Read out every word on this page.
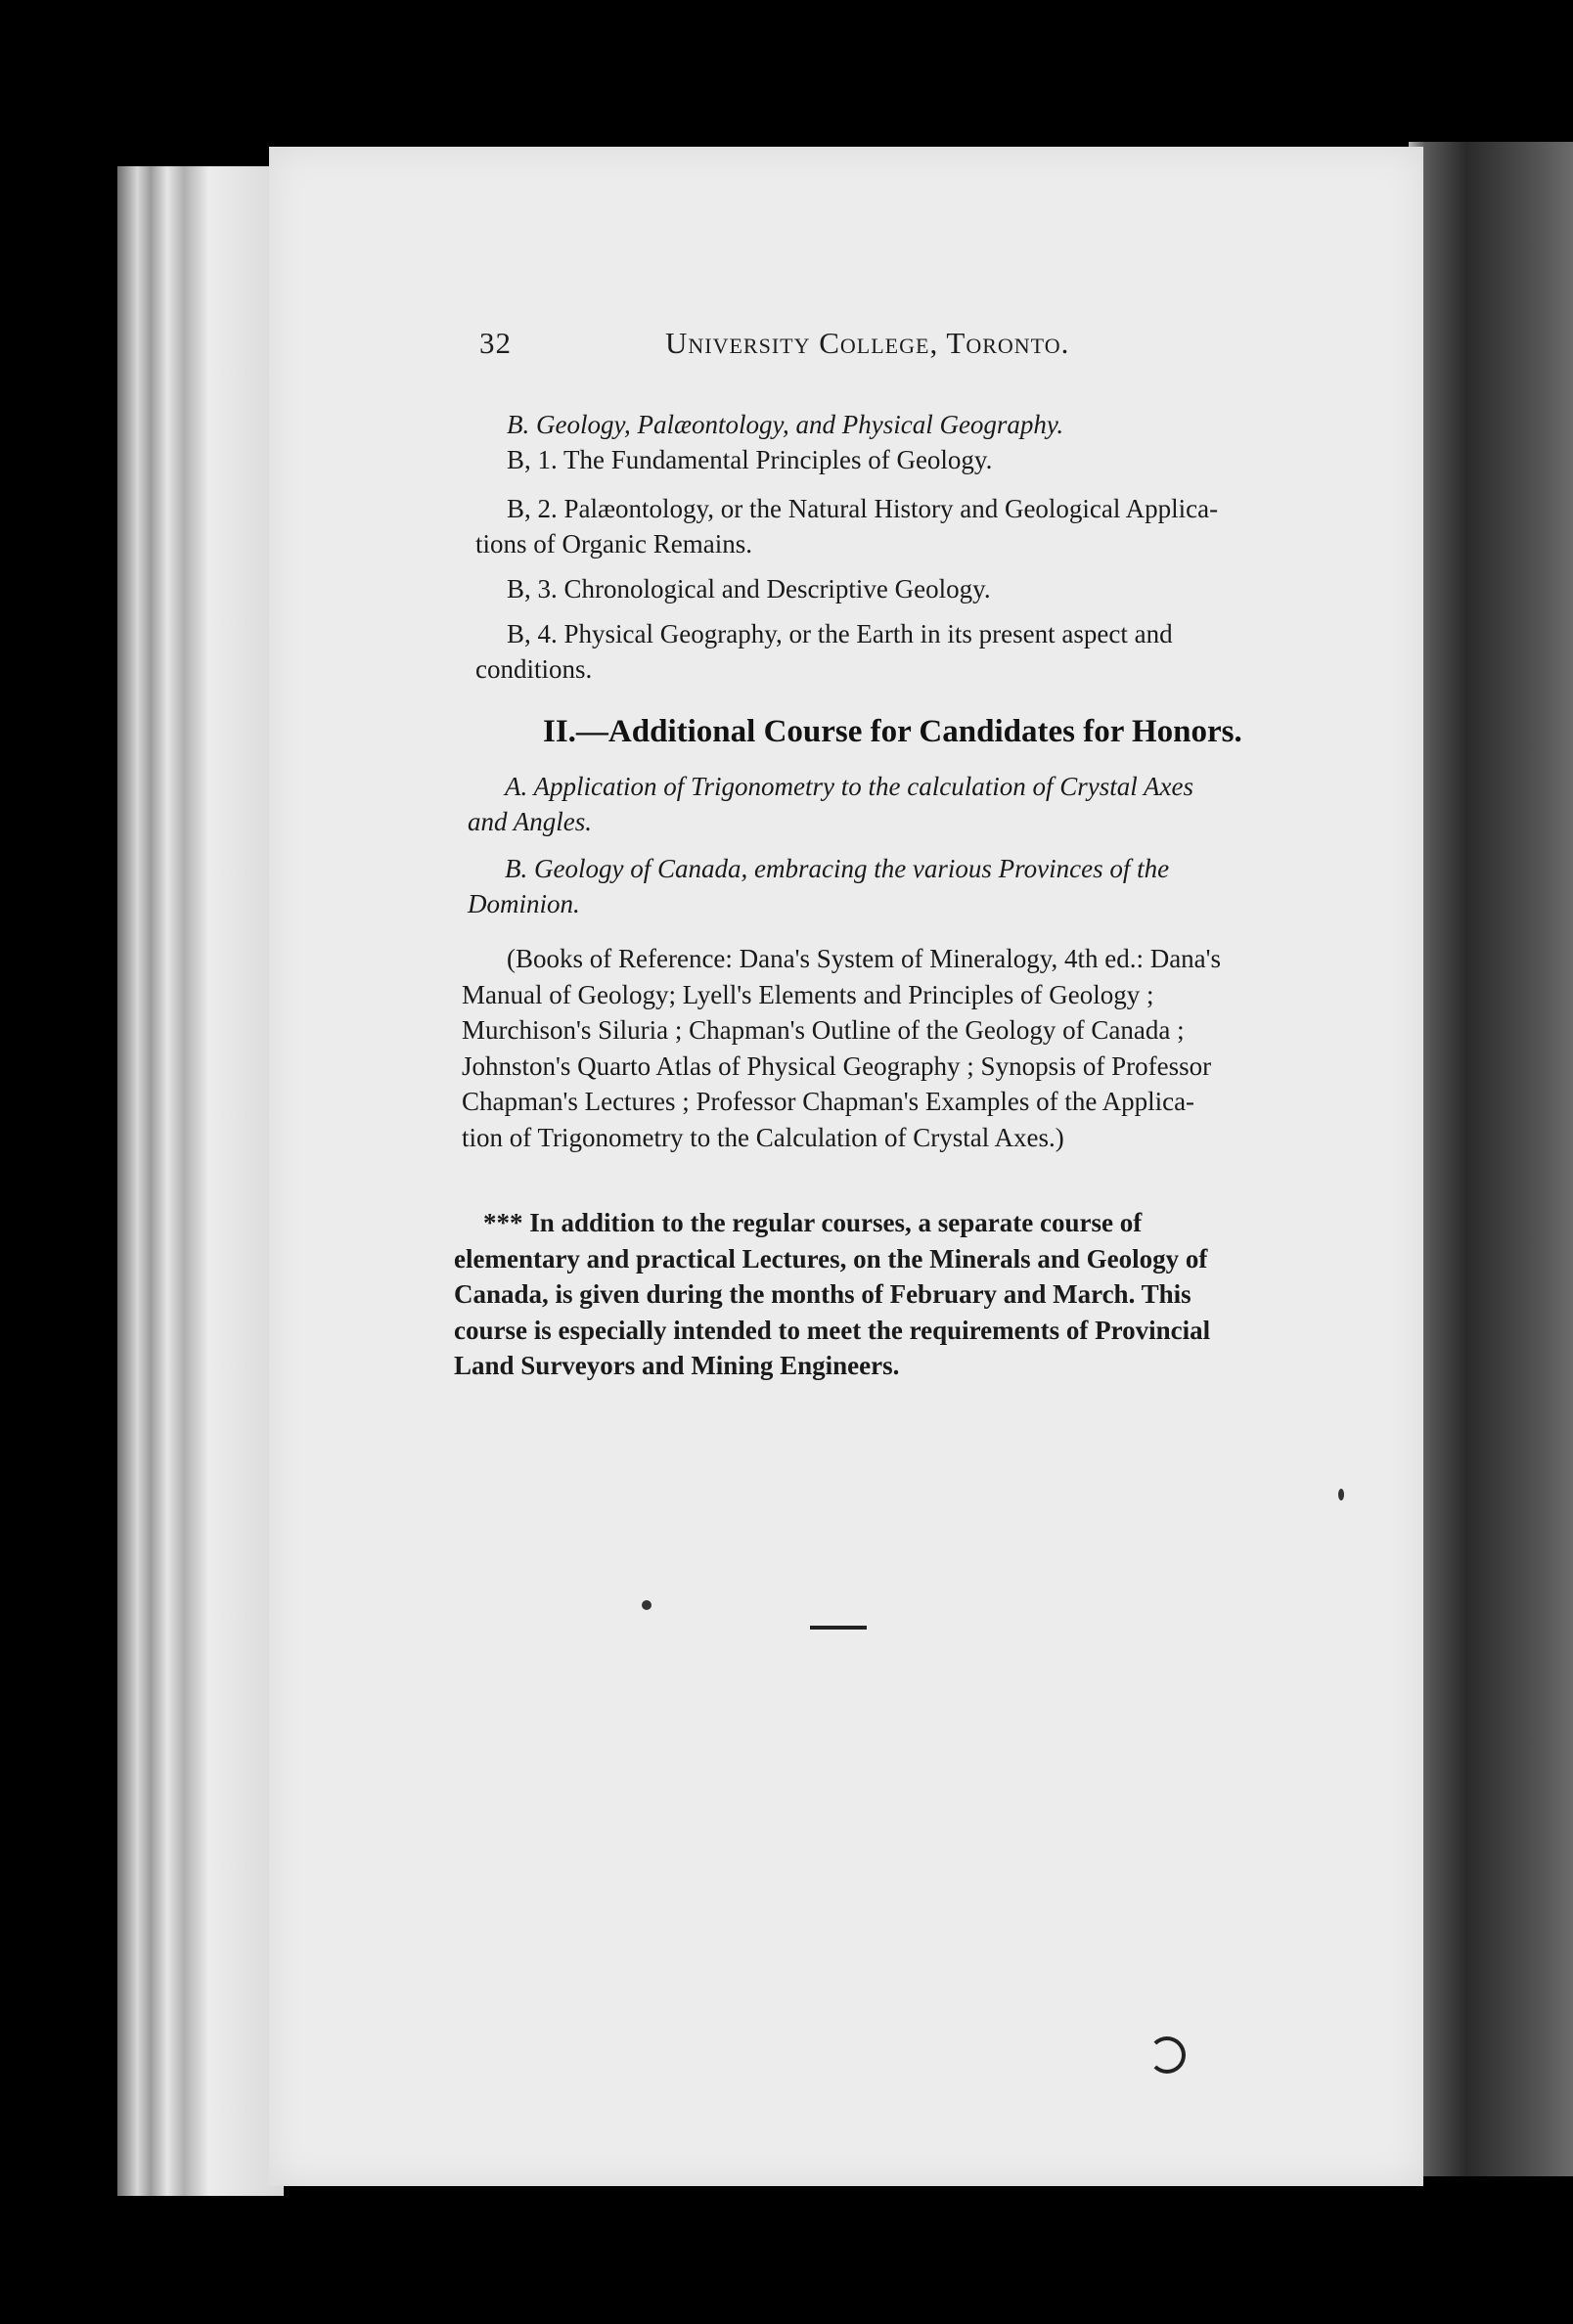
32	University College, Toronto.
B. Geology, Palæontology, and Physical Geography.
B, 1. The Fundamental Principles of Geology.
B, 2. Palæontology, or the Natural History and Geological Applica-
tions of Organic Remains.
B, 3. Chronological and Descriptive Geology.
B, 4. Physical Geography, or the Earth in its present aspect and
conditions.
II.—Additional Course for Candidates for Honors.
A. Application of Trigonometry to the calculation of Crystal Axes
and Angles.
B. Geology of Canada, embracing the various Provinces of the
Dominion.
(Books of Reference: Dana's System of Mineralogy, 4th ed.: Dana's
Manual of Geology; Lyell's Elements and Principles of Geology ;
Murchison's Siluria ; Chapman's Outline of the Geology of Canada ;
Johnston's Quarto Atlas of Physical Geography ; Synopsis of Professor
Chapman's Lectures ; Professor Chapman's Examples of the Applica-
tion of Trigonometry to the Calculation of Crystal Axes.)
*** In addition to the regular courses, a separate course of
elementary and practical Lectures, on the Minerals and Geology of
Canada, is given during the months of February and March. This
course is especially intended to meet the requirements of Provincial
Land Surveyors and Mining Engineers.
